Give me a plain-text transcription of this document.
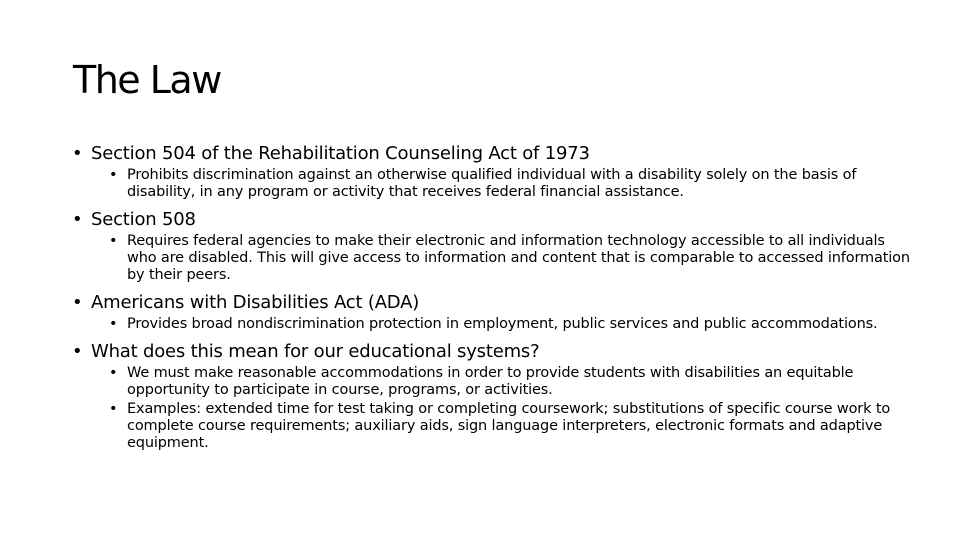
The Law
• Section 504 of the Rehabilitation Counseling Act of 1973
• Prohibits discrimination against an otherwise qualified individual with a disability solely on the basis of disability, in any program or activity that receives federal financial assistance.
• Section 508
• Requires federal agencies to make their electronic and information technology accessible to all individuals who are disabled. This will give access to information and content that is comparable to accessed information by their peers.
• Americans with Disabilities Act (ADA)
• Provides broad nondiscrimination protection in employment, public services and public accommodations.
• What does this mean for our educational systems?
• We must make reasonable accommodations in order to provide students with disabilities an equitable opportunity to participate in course, programs, or activities.
• Examples: extended time for test taking or completing coursework; substitutions of specific course work to complete course requirements; auxiliary aids, sign language interpreters, electronic formats and adaptive equipment.
